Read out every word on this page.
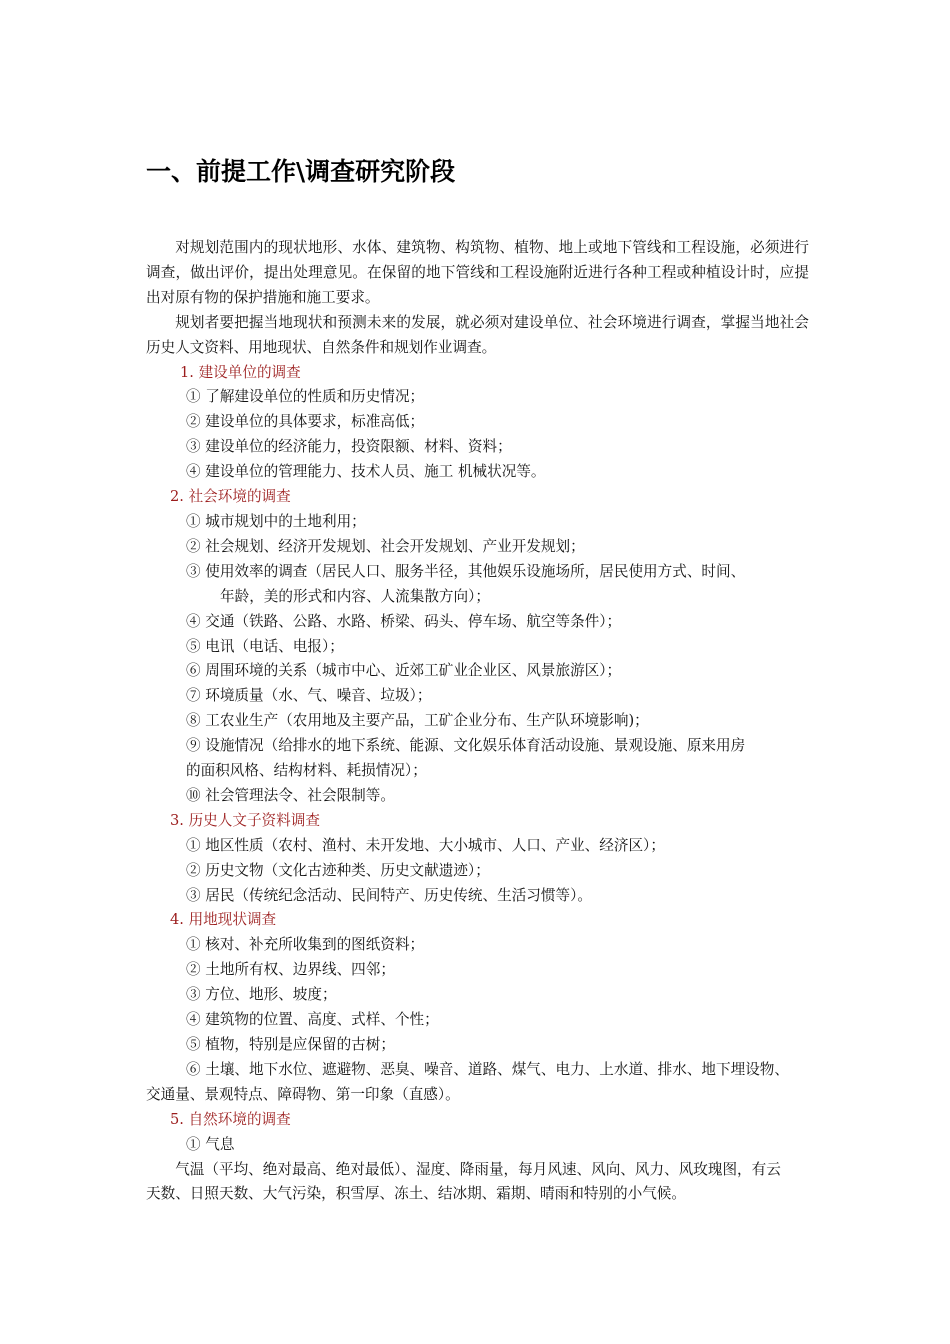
一、前提工作\调查研究阶段

对规划范围内的现状地形、水体、建筑物、构筑物、植物、地上或地下管线和工程设施，必须进行调查，做出评价，提出处理意见。在保留的地下管线和工程设施附近进行各种工程或种植设计时，应提出对原有物的保护措施和施工要求。

规划者要把握当地现状和预测未来的发展，就必须对建设单位、社会环境进行调查，掌握当地社会历史人文资料、用地现状、自然条件和规划作业调查。

1. 建设单位的调查

① 了解建设单位的性质和历史情况；

② 建设单位的具体要求，标准高低；

③ 建设单位的经济能力，投资限额、材料、资料；

④ 建设单位的管理能力、技术人员、施工 机械状况等。

2. 社会环境的调查

① 城市规划中的土地利用；

② 社会规划、经济开发规划、社会开发规划、产业开发规划；

③ 使用效率的调查（居民人口、服务半径，其他娱乐设施场所，居民使用方式、时间、

年龄，美的形式和内容、人流集散方向）；

④ 交通（铁路、公路、水路、桥梁、码头、停车场、航空等条件）；

⑤ 电讯（电话、电报）；

⑥ 周围环境的关系（城市中心、近郊工矿业企业区、风景旅游区）；

⑦ 环境质量（水、气、噪音、垃圾）；

⑧ 工农业生产（农用地及主要产品，工矿企业分布、生产队环境影响)；

⑨ 设施情况（给排水的地下系统、能源、文化娱乐体育活动设施、景观设施、原来用房

的面积风格、结构材料、耗损情况）；

⑩ 社会管理法令、社会限制等。

3. 历史人文子资料调查

① 地区性质（农村、渔村、未开发地、大小城市、人口、产业、经济区）；

② 历史文物（文化古迹种类、历史文献遗迹）；

③ 居民（传统纪念活动、民间特产、历史传统、生活习惯等）。

4. 用地现状调查

① 核对、补充所收集到的图纸资料；

② 土地所有权、边界线、四邻；

③ 方位、地形、坡度；

④ 建筑物的位置、高度、式样、个性；

⑤ 植物，特别是应保留的古树；

⑥ 土壤、地下水位、遮避物、恶臭、噪音、道路、煤气、电力、上水道、排水、地下埋设物、

交通量、景观特点、障碍物、第一印象（直感）。

5. 自然环境的调查

① 气息

气温（平均、绝对最高、绝对最低）、湿度、降雨量，每月风速、风向、风力、风玫瑰图，有云

天数、日照天数、大气污染，积雪厚、冻土、结冰期、霜期、晴雨和特别的小气候。
